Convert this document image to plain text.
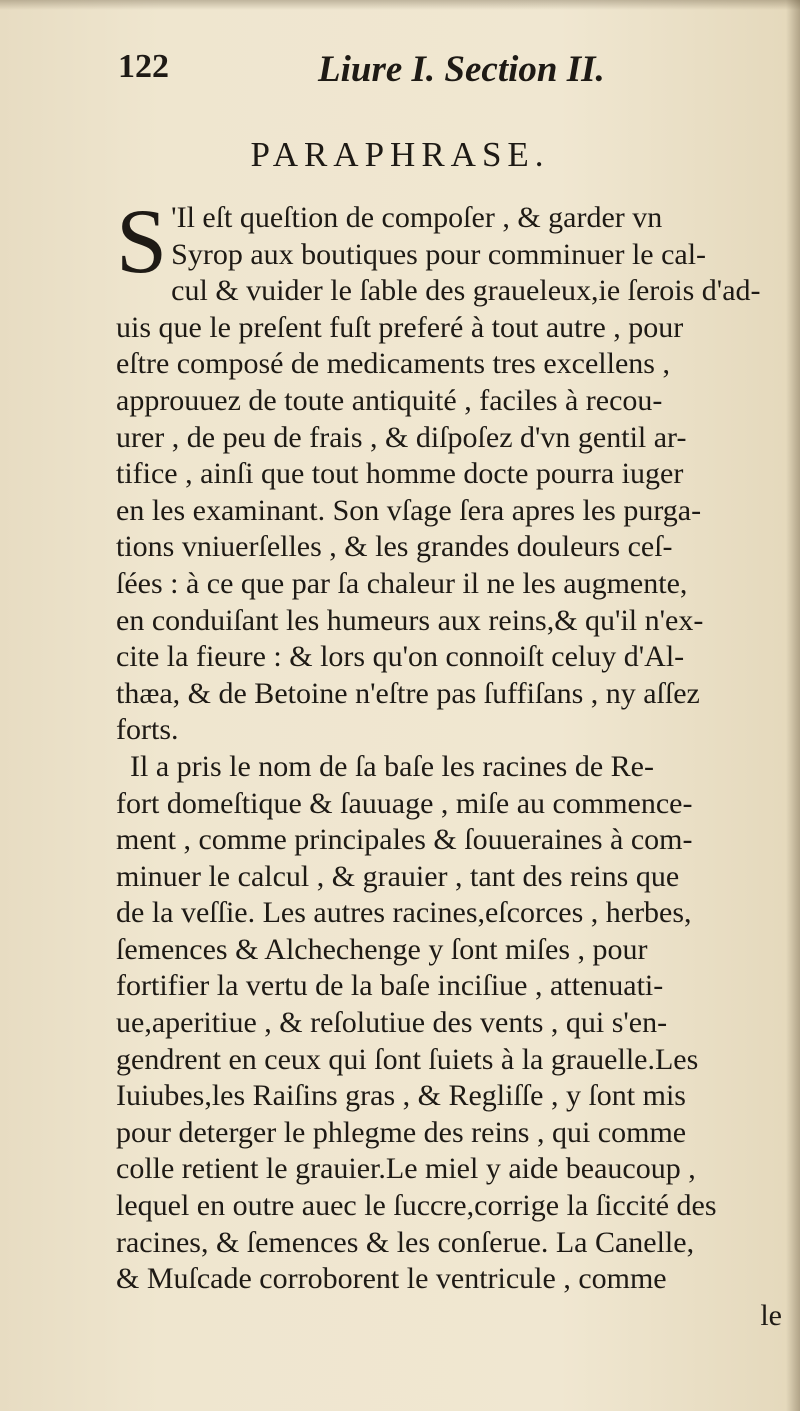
122	Liure I. Section II.
PARAPHRASE.
S 'Il eſt queſtion de compoſer , & garder vn
Syrop aux boutiques pour comminuer le cal-
cul & vuider le ſable des graueleux,ie ſerois d'ad-
uis que le preſent fuſt preferé à tout autre , pour
eſtre composé de medicaments tres excellens ,
approuuez de toute antiquité , faciles à recou-
urer , de peu de frais , & diſpoſez d'vn gentil ar-
tifice , ainſi que tout homme docte pourra iuger
en les examinant. Son vſage ſera apres les purga-
tions vniuerſelles , & les grandes douleurs ceſ-
ſées : à ce que par ſa chaleur il ne les augmente,
en conduiſant les humeurs aux reins,& qu'il n'ex-
cite la fieure : & lors qu'on connoiſt celuy d'Al-
thæa, & de Betoine n'eſtre pas ſuffiſans , ny aſſez
forts.
Il a pris le nom de ſa baſe les racines de Re-
fort domeſtique & ſauuage , miſe au commence-
ment , comme principales & ſouueraines à com-
minuer le calcul , & grauier , tant des reins que
de la veſſie. Les autres racines,eſcorces , herbes,
ſemences & Alchechenge y ſont miſes , pour
fortifier la vertu de la baſe inciſiue , attenuati-
ue,aperitiue , & reſolutiue des vents , qui s'en-
gendrent en ceux qui ſont ſuiets à la grauelle.Les
Iuiubes,les Raiſins gras , & Regliſſe , y ſont mis
pour deterger le phlegme des reins , qui comme
colle retient le grauier.Le miel y aide beaucoup ,
lequel en outre auec le ſuccre,corrige la ſiccité des
racines, & ſemences & les conſerue. La Canelle,
& Muſcade corroborent le ventricule , comme
le
